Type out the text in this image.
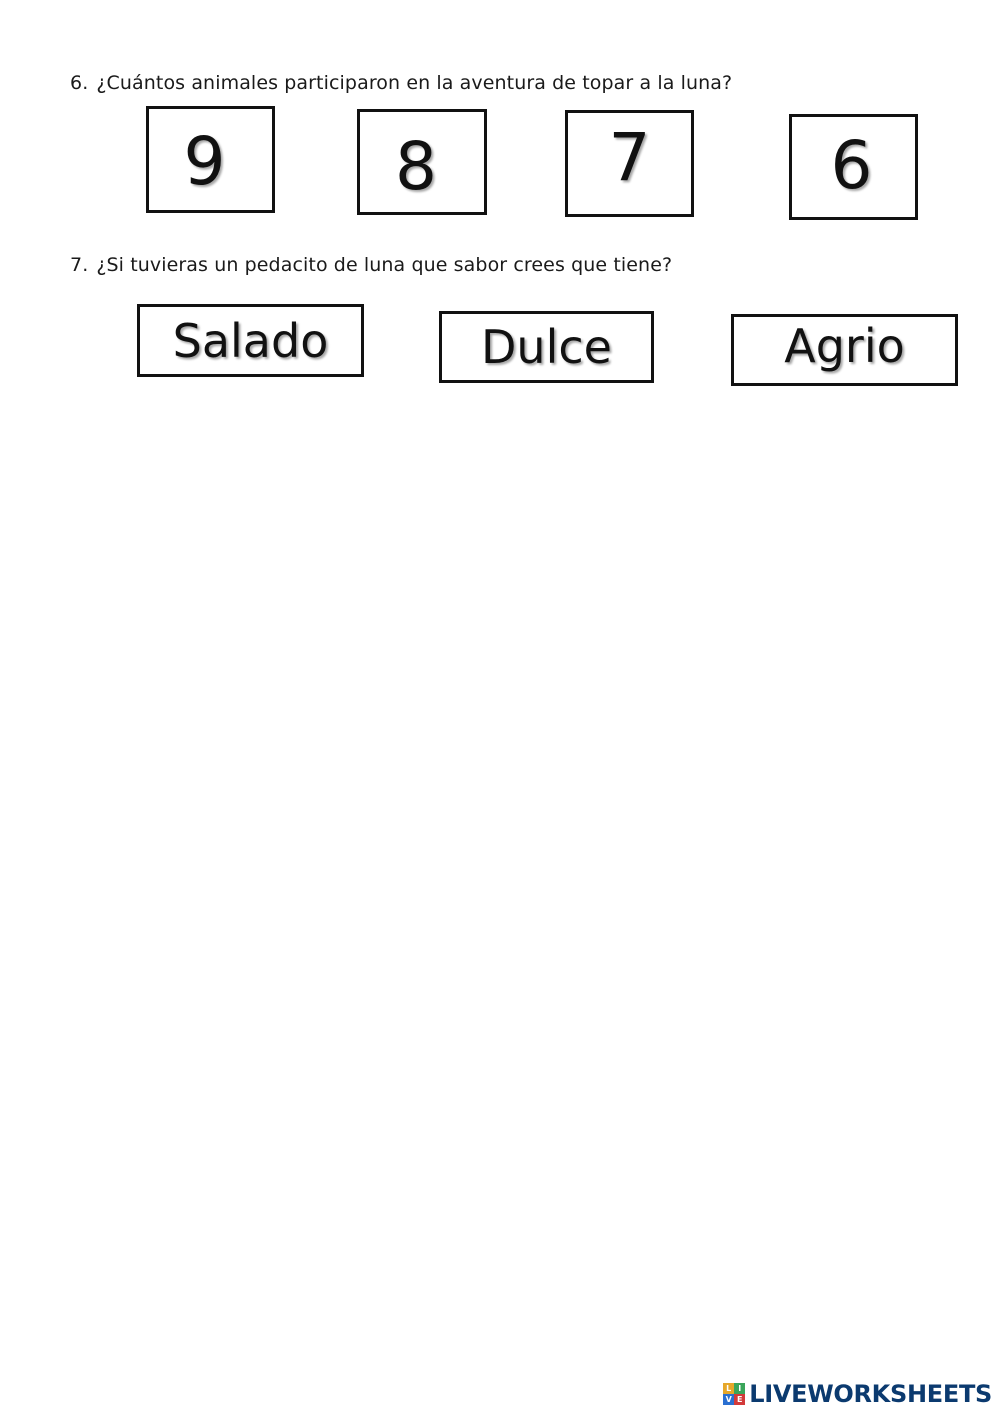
6. ¿Cuántos animales participaron en la aventura de topar a la luna?
9	8	7	6
7. ¿Si tuvieras un pedacito de luna que sabor crees que tiene?
Salado	Dulce	Agrio
L I
V E LIVEWORKSHEETS
